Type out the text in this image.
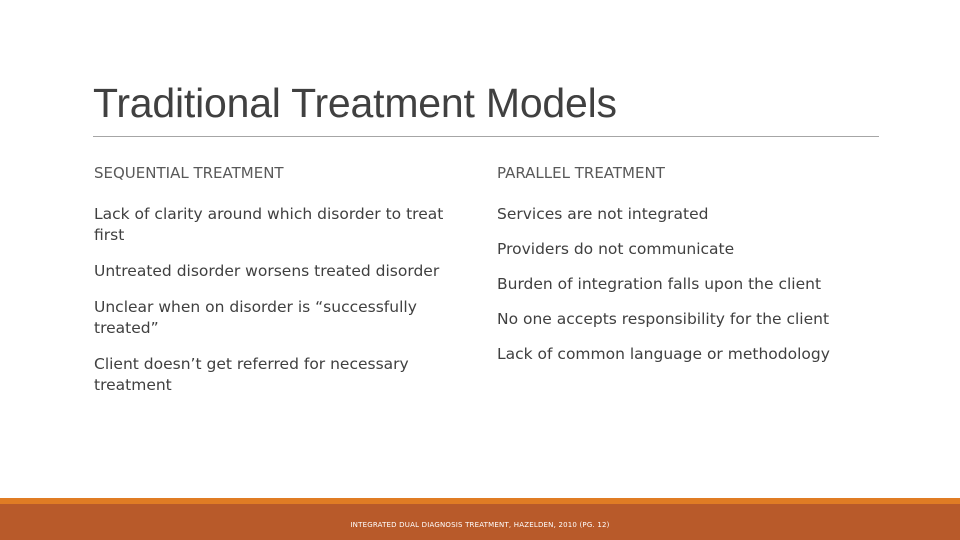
Traditional Treatment Models
SEQUENTIAL TREATMENT
Lack of clarity around which disorder to treat first
Untreated disorder worsens treated disorder
Unclear when on disorder is “successfully treated”
Client doesn’t get referred for necessary treatment
PARALLEL TREATMENT
Services are not integrated
Providers do not communicate
Burden of integration falls upon the client
No one accepts responsibility for the client
Lack of common language or methodology
INTEGRATED DUAL DIAGNOSIS TREATMENT, HAZELDEN, 2010 (PG. 12)
